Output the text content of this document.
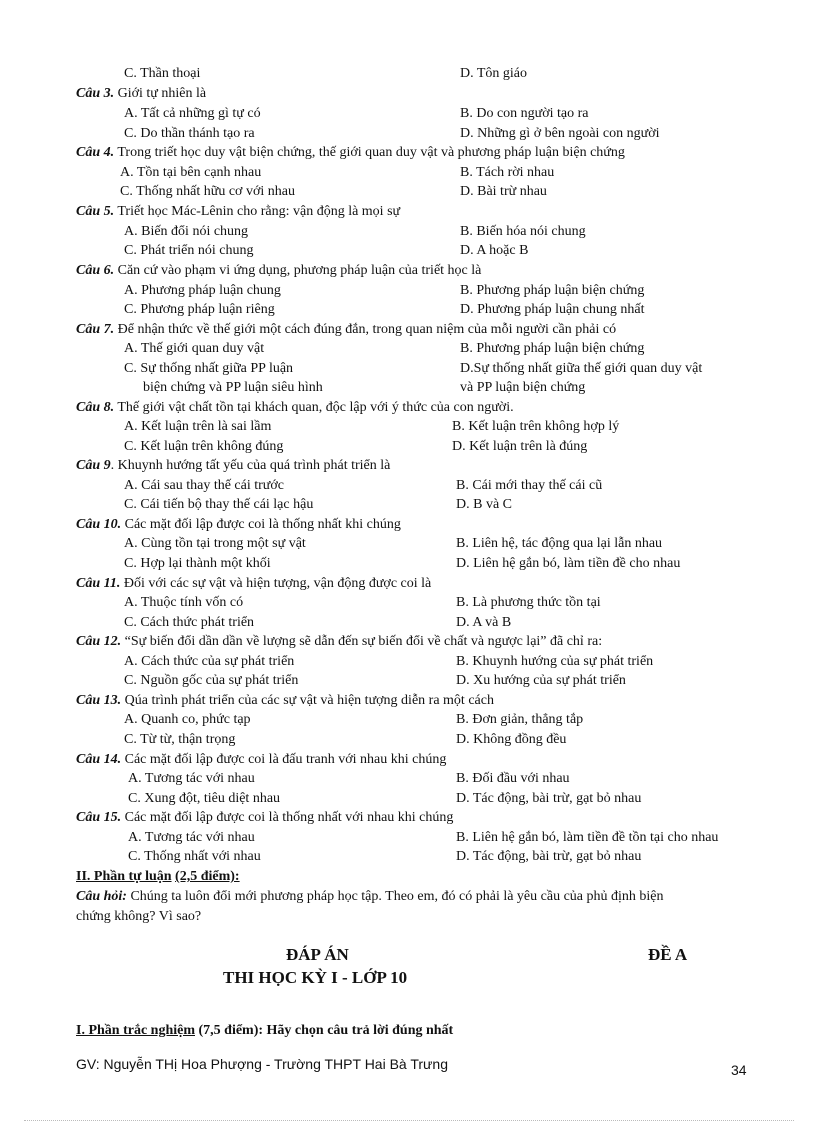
C. Thần thoại	D. Tôn giáo
Câu 3. Giới tự nhiên là
A. Tất cả những gì tự có	B. Do con người tạo ra
C. Do thần thánh tạo ra	D. Những gì ở bên ngoài con người
Câu 4. Trong triết học duy vật biện chứng, thế giới quan duy vật và phương pháp luận biện chứng
A. Tồn tại bên cạnh nhau	B. Tách rời nhau
C. Thống nhất hữu cơ với nhau	D. Bài trừ nhau
Câu 5. Triết học Mác-Lênin cho rằng: vận động là mọi sự
A. Biến đổi nói chung	B. Biến hóa nói chung
C. Phát triển nói chung	D. A hoặc B
Câu 6. Căn cứ vào phạm vi ứng dụng, phương pháp luận của triết học là
A. Phương pháp luận chung	B. Phương pháp luận biện chứng
C. Phương pháp luận riêng	D. Phương pháp luận chung nhất
Câu 7. Để nhận thức về thế giới một cách đúng đắn, trong quan niệm của mỗi người cần phải có
A. Thế giới quan duy vật	B. Phương pháp luận biện chứng
C. Sự thống nhất giữa PP luận	D.Sự thống nhất giữa thế giới quan duy vật
biện chứng và PP luận siêu hình	và PP luận biện chứng
Câu 8. Thế giới vật chất tồn tại khách quan, độc lập với ý thức của con người.
A. Kết luận trên là sai lầm	B. Kết luận trên không hợp lý
C. Kết luận trên không đúng	D. Kết luận trên là đúng
Câu 9. Khuynh hướng tất yếu của quá trình phát triển là
A. Cái sau thay thế cái trước	B. Cái mới thay thế cái cũ
C. Cái tiến bộ thay thế cái lạc hậu	D. B và C
Câu 10. Các mặt đối lập được coi là thống nhất khi chúng
A. Cùng tồn tại trong một sự vật	B. Liên hệ, tác động qua lại lẫn nhau
C. Hợp lại thành một khối	D. Liên hệ gắn bó, làm tiền đề cho nhau
Câu 11. Đối với các sự vật và hiện tượng, vận động được coi là
A. Thuộc tính vốn có	B. Là phương thức tồn tại
C. Cách thức phát triển	D. A và B
Câu 12. “Sự biến đổi dần dần về lượng sẽ dẫn đến sự biến đổi về chất và ngược lại” đã chỉ ra:
A. Cách thức của sự phát triển	B. Khuynh hướng của sự phát triển
C. Nguồn gốc của sự phát triển	D. Xu hướng của sự phát triển
Câu 13. Qúa trình phát triển của các sự vật và hiện tượng diễn ra một cách
A. Quanh co, phức tạp	B. Đơn giản, thẳng tắp
C. Từ từ, thận trọng	D. Không đồng đều
Câu 14. Các mặt đối lập được coi là đấu tranh với nhau khi chúng
A. Tương tác với nhau	B. Đối đầu với nhau
C. Xung đột, tiêu diệt nhau	D. Tác động, bài trừ, gạt bỏ nhau
Câu 15. Các mặt đối lập được coi là thống nhất với nhau khi chúng
A. Tương tác với nhau	B. Liên hệ gắn bó, làm tiền đề tồn tại cho nhau
C. Thống nhất với nhau	D. Tác động, bài trừ, gạt bỏ nhau
II. Phần tự luận (2,5 điểm):
Câu hỏi: Chúng ta luôn đổi mới phương pháp học tập. Theo em, đó có phải là yêu cầu của phủ định biện
chứng không? Vì sao?
ĐÁP ÁN	ĐỀ A
THI HỌC KỲ I - LỚP 10
I. Phần trắc nghiệm (7,5 điểm): Hãy chọn câu trả lời đúng nhất
GV: Nguyễn THị Hoa Phượng - Trường THPT Hai Bà Trưng	34
